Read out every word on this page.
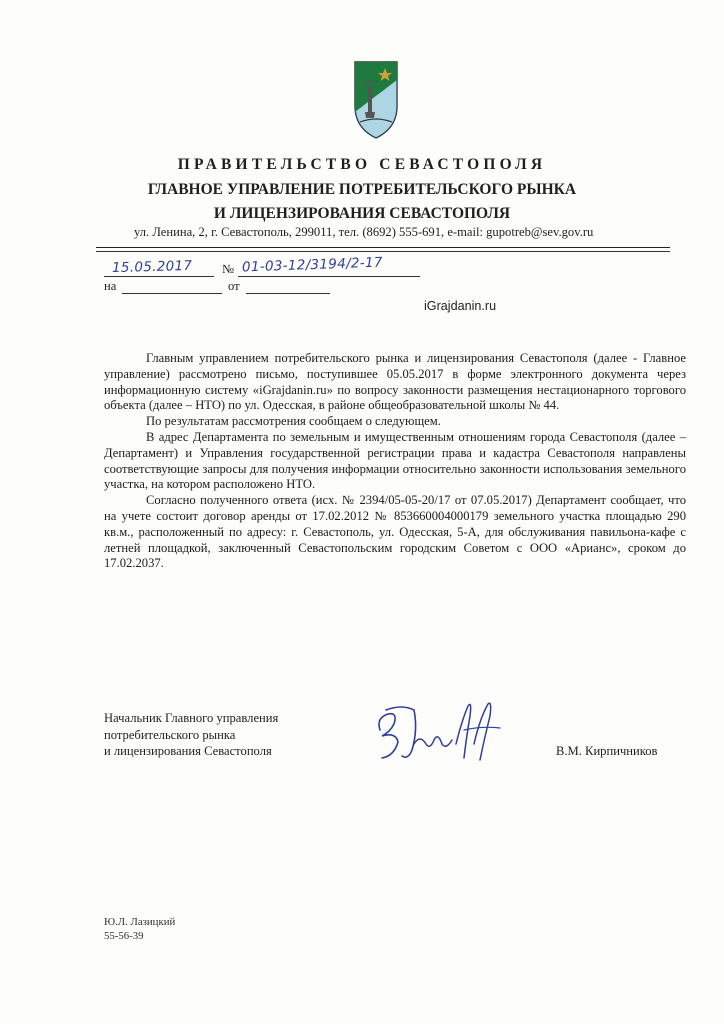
ПРАВИТЕЛЬСТВО СЕВАСТОПОЛЯ
ГЛАВНОЕ УПРАВЛЕНИЕ ПОТРЕБИТЕЛЬСКОГО РЫНКА
И ЛИЦЕНЗИРОВАНИЯ СЕВАСТОПОЛЯ
ул. Ленина, 2, г. Севастополь, 299011, тел. (8692) 555-691, e-mail: gupotreb@sev.gov.ru
15.05.2017 № 01-03-12/3194/2-17
на	от
iGrajdanin.ru

Главным управлением потребительского рынка и лицензирования Севастополя (далее - Главное управление) рассмотрено письмо, поступившее 05.05.2017 в форме электронного документа через информационную систему «iGrajdanin.ru» по вопросу законности размещения нестационарного торгового объекта (далее – НТО) по ул. Одесская, в районе общеобразовательной школы № 44.

По результатам рассмотрения сообщаем о следующем.

В адрес Департамента по земельным и имущественным отношениям города Севастополя (далее – Департамент) и Управления государственной регистрации права и кадастра Севастополя направлены соответствующие запросы для получения информации относительно законности использования земельного участка, на котором расположено НТО.

Согласно полученного ответа (исх. № 2394/05-05-20/17 от 07.05.2017) Департамент сообщает, что на учете состоит договор аренды от 17.02.2012 № 853660004000179 земельного участка площадью 290 кв.м., расположенный по адресу: г. Севастополь, ул. Одесская, 5-А, для обслуживания павильона-кафе с летней площадкой, заключенный Севастопольским городским Советом с ООО «Арианс», сроком до 17.02.2037.

Начальник Главного управления
потребительского рынка
и лицензирования Севастополя	В.М. Кирпичников
Ю.Л. Лазицкий
55-56-39
